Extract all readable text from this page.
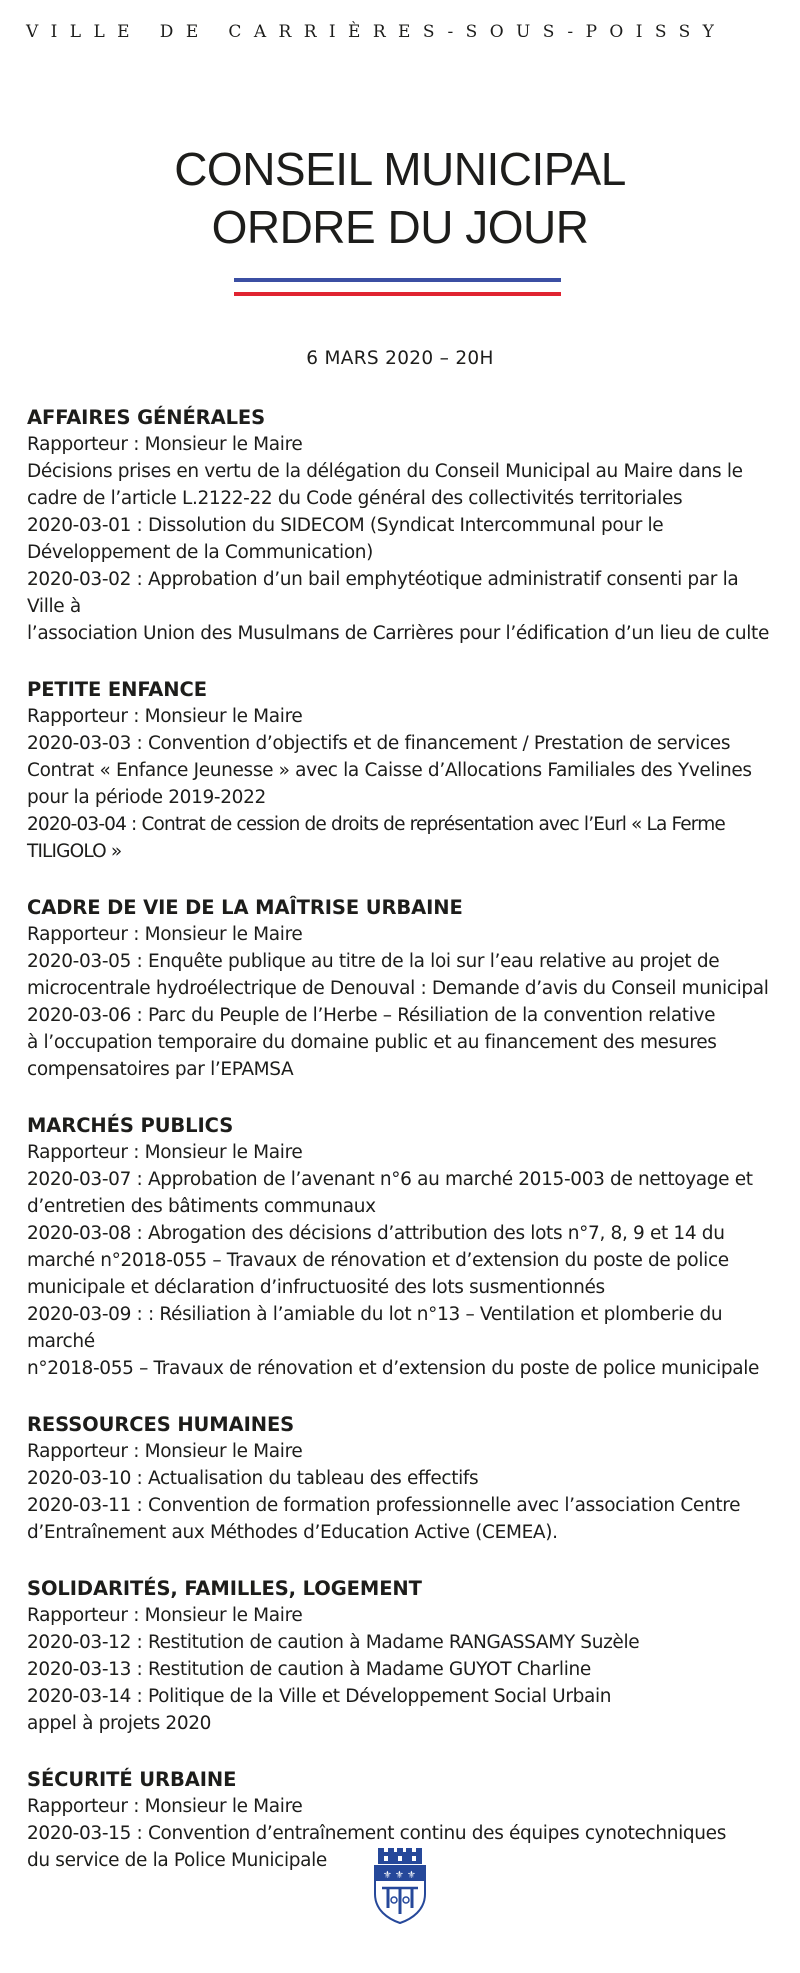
VILLE DE CARRIÈRES-SOUS-POISSY
CONSEIL MUNICIPAL
ORDRE DU JOUR
6 MARS 2020 – 20H
AFFAIRES GÉNÉRALES
Rapporteur : Monsieur le Maire
Décisions prises en vertu de la délégation du Conseil Municipal au Maire dans le
cadre de l’article L.2122-22 du Code général des collectivités territoriales
2020-03-01 : Dissolution du SIDECOM (Syndicat Intercommunal pour le
Développement de la Communication)
2020-03-02 : Approbation d’un bail emphytéotique administratif consenti par la Ville à
l’association Union des Musulmans de Carrières pour l’édification d’un lieu de culte
PETITE ENFANCE
Rapporteur : Monsieur le Maire
2020-03-03 : Convention d’objectifs et de financement / Prestation de services
Contrat « Enfance Jeunesse » avec la Caisse d’Allocations Familiales des Yvelines
pour la période 2019-2022
2020-03-04 : Contrat de cession de droits de représentation avec l’Eurl « La Ferme TILIGOLO »
CADRE DE VIE DE LA MAÎTRISE URBAINE
Rapporteur : Monsieur le Maire
2020-03-05 : Enquête publique au titre de la loi sur l’eau relative au projet de
microcentrale hydroélectrique de Denouval : Demande d’avis du Conseil municipal
2020-03-06 : Parc du Peuple de l’Herbe – Résiliation de la convention relative
à l’occupation temporaire du domaine public et au financement des mesures
compensatoires par l’EPAMSA
MARCHÉS PUBLICS
Rapporteur : Monsieur le Maire
2020-03-07 : Approbation de l’avenant n°6 au marché 2015-003 de nettoyage et
d’entretien des bâtiments communaux
2020-03-08 : Abrogation des décisions d’attribution des lots n°7, 8, 9 et 14 du
marché n°2018-055 – Travaux de rénovation et d’extension du poste de police
municipale et déclaration d’infructuosité des lots susmentionnés
2020-03-09 : : Résiliation à l’amiable du lot n°13 – Ventilation et plomberie du marché
n°2018-055 – Travaux de rénovation et d’extension du poste de police municipale
RESSOURCES HUMAINES
Rapporteur : Monsieur le Maire
2020-03-10 : Actualisation du tableau des effectifs
2020-03-11 : Convention de formation professionnelle avec l’association Centre
d’Entraînement aux Méthodes d’Education Active (CEMEA).
SOLIDARITÉS, FAMILLES, LOGEMENT
Rapporteur : Monsieur le Maire
2020-03-12 : Restitution de caution à Madame RANGASSAMY Suzèle
2020-03-13 : Restitution de caution à Madame GUYOT Charline
2020-03-14 : Politique de la Ville et Développement Social Urbain
appel à projets 2020
SÉCURITÉ URBAINE
Rapporteur : Monsieur le Maire
2020-03-15 : Convention d’entraînement continu des équipes cynotechniques
du service de la Police Municipale
⚜ ⚜ ⚜
